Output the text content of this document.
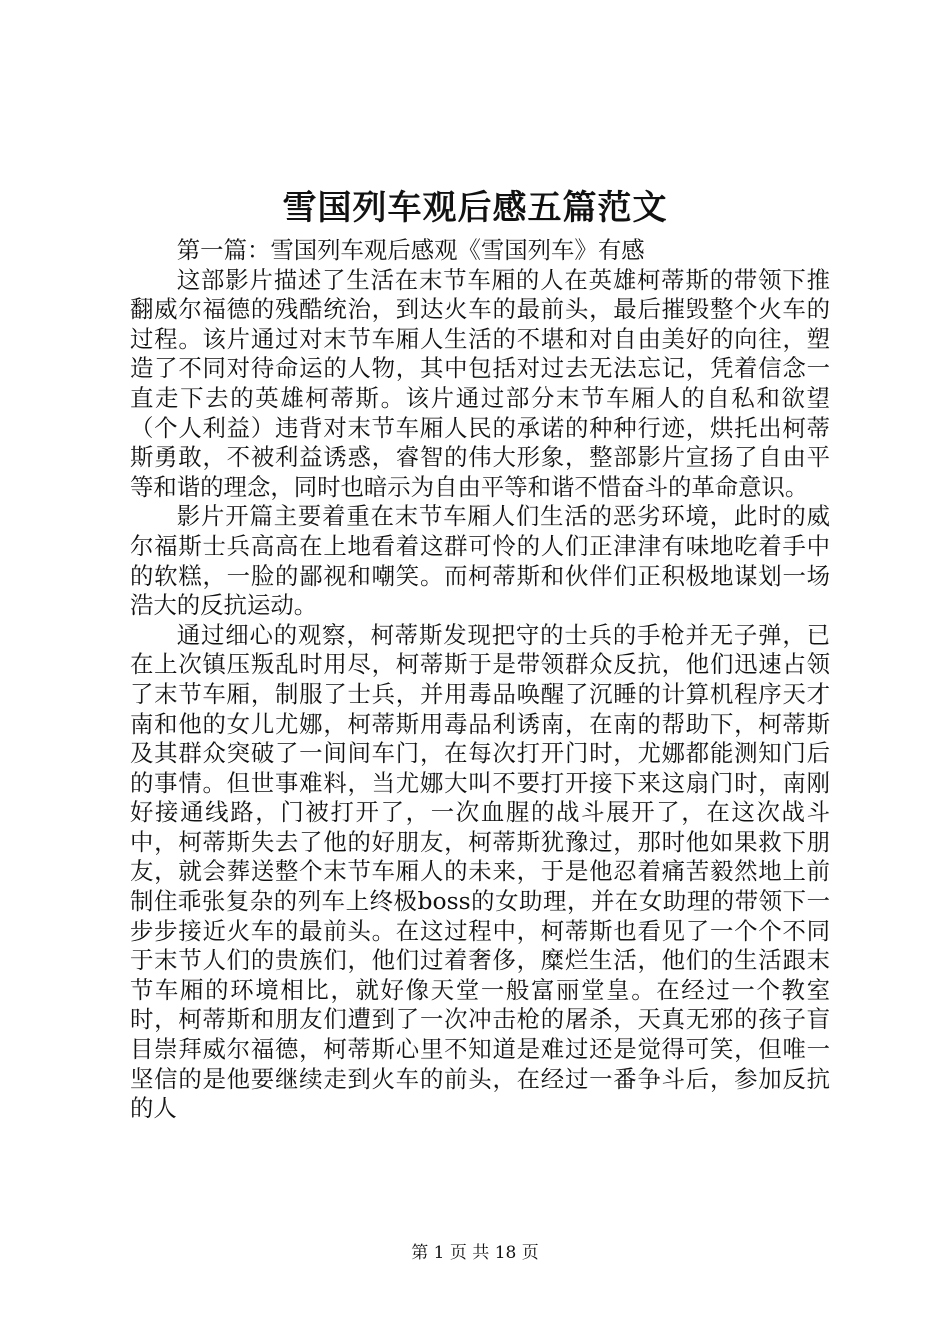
雪国列车观后感五篇范文

第一篇：雪国列车观后感观《雪国列车》有感

这部影片描述了生活在末节车厢的人在英雄柯蒂斯的带领下推翻威尔福德的残酷统治，到达火车的最前头，最后摧毁整个火车的过程。该片通过对末节车厢人生活的不堪和对自由美好的向往，塑造了不同对待命运的人物，其中包括对过去无法忘记，凭着信念一直走下去的英雄柯蒂斯。该片通过部分末节车厢人的自私和欲望（个人利益）违背对末节车厢人民的承诺的种种行迹，烘托出柯蒂斯勇敢，不被利益诱惑，睿智的伟大形象，整部影片宣扬了自由平等和谐的理念，同时也暗示为自由平等和谐不惜奋斗的革命意识。

影片开篇主要着重在末节车厢人们生活的恶劣环境，此时的威尔福斯士兵高高在上地看着这群可怜的人们正津津有味地吃着手中的软糕，一脸的鄙视和嘲笑。而柯蒂斯和伙伴们正积极地谋划一场浩大的反抗运动。

通过细心的观察，柯蒂斯发现把守的士兵的手枪并无子弹，已在上次镇压叛乱时用尽，柯蒂斯于是带领群众反抗，他们迅速占领了末节车厢，制服了士兵，并用毒品唤醒了沉睡的计算机程序天才南和他的女儿尤娜，柯蒂斯用毒品利诱南，在南的帮助下，柯蒂斯及其群众突破了一间间车门，在每次打开门时，尤娜都能测知门后的事情。但世事难料，当尤娜大叫不要打开接下来这扇门时，南刚好接通线路，门被打开了，一次血腥的战斗展开了，在这次战斗中，柯蒂斯失去了他的好朋友，柯蒂斯犹豫过，那时他如果救下朋友，就会葬送整个末节车厢人的未来，于是他忍着痛苦毅然地上前制住乖张复杂的列车上终极boss的女助理，并在女助理的带领下一步步接近火车的最前头。在这过程中，柯蒂斯也看见了一个个不同于末节人们的贵族们，他们过着奢侈，糜烂生活，他们的生活跟末节车厢的环境相比，就好像天堂一般富丽堂皇。在经过一个教室时，柯蒂斯和朋友们遭到了一次冲击枪的屠杀，天真无邪的孩子盲目崇拜威尔福德，柯蒂斯心里不知道是难过还是觉得可笑，但唯一坚信的是他要继续走到火车的前头，在经过一番争斗后，参加反抗的人

第 1 页 共 18 页
